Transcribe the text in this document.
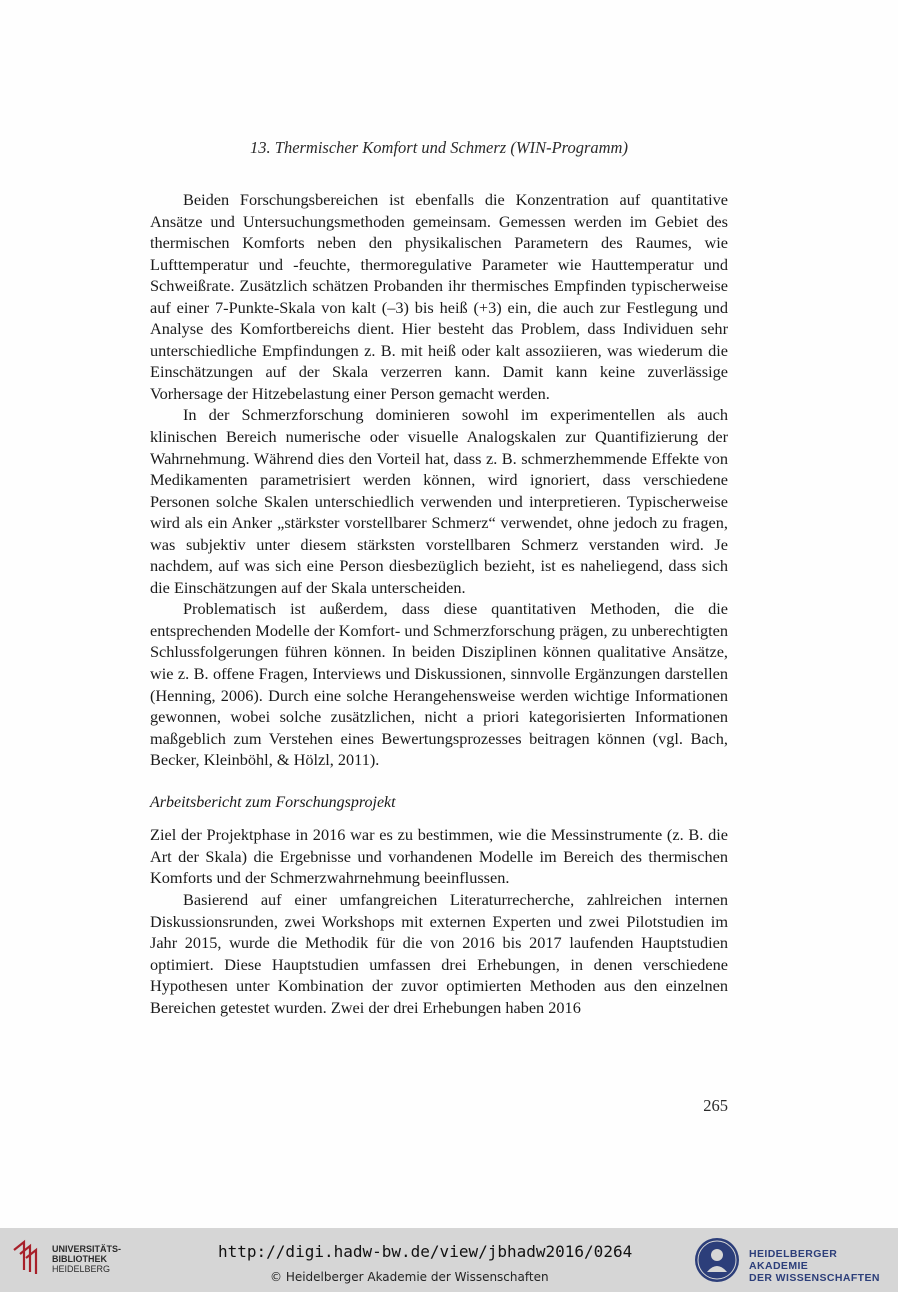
13. Thermischer Komfort und Schmerz (WIN-Programm)

Beiden Forschungsbereichen ist ebenfalls die Konzentration auf quantitative Ansätze und Untersuchungsmethoden gemeinsam. Gemessen werden im Gebiet des thermischen Komforts neben den physikalischen Parametern des Raumes, wie Lufttemperatur und -feuchte, thermoregulative Parameter wie Hauttemperatur und Schweißrate. Zusätzlich schätzen Probanden ihr thermisches Empfinden typischerweise auf einer 7-Punkte-Skala von kalt (–3) bis heiß (+3) ein, die auch zur Festlegung und Analyse des Komfortbereichs dient. Hier besteht das Problem, dass Individuen sehr unterschiedliche Empfindungen z. B. mit heiß oder kalt assoziieren, was wiederum die Einschätzungen auf der Skala verzerren kann. Damit kann keine zuverlässige Vorhersage der Hitzebelastung einer Person gemacht werden.

In der Schmerzforschung dominieren sowohl im experimentellen als auch klinischen Bereich numerische oder visuelle Analogskalen zur Quantifizierung der Wahrnehmung. Während dies den Vorteil hat, dass z. B. schmerzhemmende Effekte von Medikamenten parametrisiert werden können, wird ignoriert, dass verschiedene Personen solche Skalen unterschiedlich verwenden und interpretieren. Typischerweise wird als ein Anker „stärkster vorstellbarer Schmerz“ verwendet, ohne jedoch zu fragen, was subjektiv unter diesem stärksten vorstellbaren Schmerz verstanden wird. Je nachdem, auf was sich eine Person diesbezüglich bezieht, ist es naheliegend, dass sich die Einschätzungen auf der Skala unterscheiden.

Problematisch ist außerdem, dass diese quantitativen Methoden, die die entsprechenden Modelle der Komfort- und Schmerzforschung prägen, zu unberechtigten Schlussfolgerungen führen können. In beiden Disziplinen können qualitative Ansätze, wie z. B. offene Fragen, Interviews und Diskussionen, sinnvolle Ergänzungen darstellen (Henning, 2006). Durch eine solche Herangehensweise werden wichtige Informationen gewonnen, wobei solche zusätzlichen, nicht a priori kategorisierten Informationen maßgeblich zum Verstehen eines Bewertungsprozesses beitragen können (vgl. Bach, Becker, Kleinböhl, & Hölzl, 2011).

Arbeitsbericht zum Forschungsprojekt

Ziel der Projektphase in 2016 war es zu bestimmen, wie die Messinstrumente (z. B. die Art der Skala) die Ergebnisse und vorhandenen Modelle im Bereich des thermischen Komforts und der Schmerzwahrnehmung beeinflussen.

Basierend auf einer umfangreichen Literaturrecherche, zahlreichen internen Diskussionsrunden, zwei Workshops mit externen Experten und zwei Pilotstudien im Jahr 2015, wurde die Methodik für die von 2016 bis 2017 laufenden Hauptstudien optimiert. Diese Hauptstudien umfassen drei Erhebungen, in denen verschiedene Hypothesen unter Kombination der zuvor optimierten Methoden aus den einzelnen Bereichen getestet wurden. Zwei der drei Erhebungen haben 2016

265
UNIVERSITÄTS-
BIBLIOTHEK
HEIDELBERG
http://digi.hadw-bw.de/view/jbhadw2016/0264
© Heidelberger Akademie der Wissenschaften
HEIDELBERGER AKADEMIE
DER WISSENSCHAFTEN
